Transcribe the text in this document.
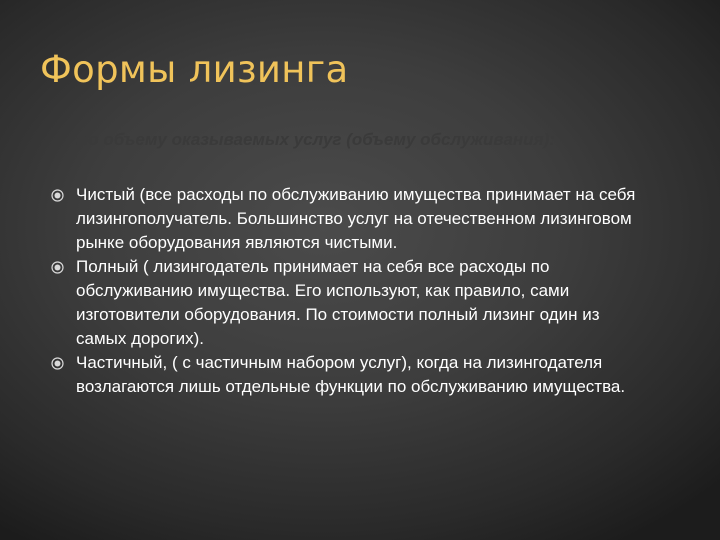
Формы лизинга
По объему оказываемых услуг (объему обслуживания):
Чистый (все расходы по обслуживанию имущества принимает на себя лизингополучатель. Большинство услуг на отечественном лизинговом рынке оборудования являются чистыми.
Полный ( лизингодатель принимает на себя все расходы по обслуживанию имущества. Его используют, как правило, сами изготовители оборудования. По стоимости полный лизинг один из самых дорогих).
Частичный, ( с частичным набором услуг), когда на лизингодателя возлагаются лишь отдельные функции по обслуживанию имущества.
